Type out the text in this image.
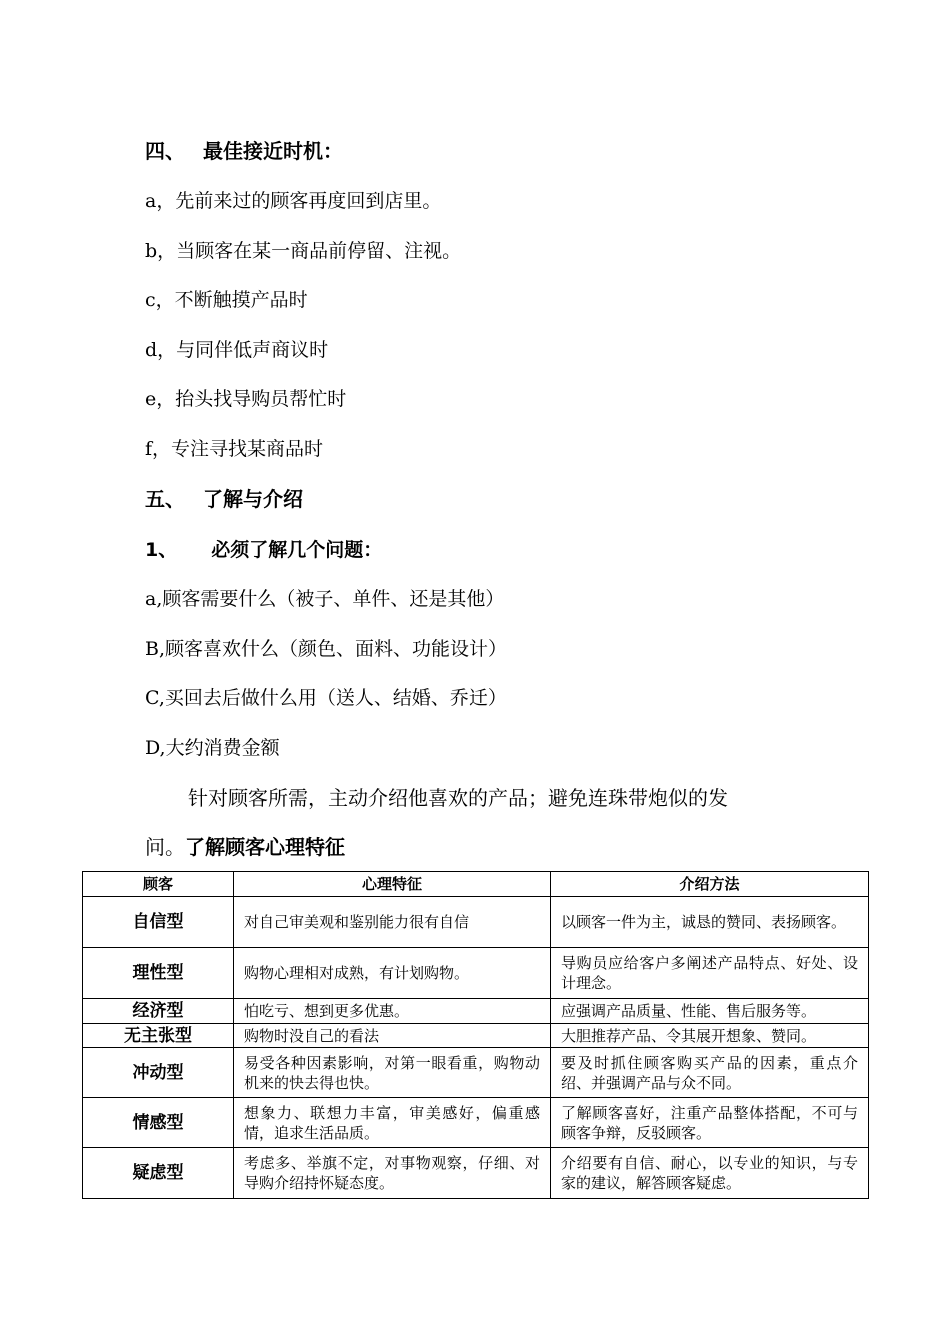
四、 最佳接近时机：
a，先前来过的顾客再度回到店里。
b，当顾客在某一商品前停留、注视。
c，不断触摸产品时
d，与同伴低声商议时
e，抬头找导购员帮忙时
f，专注寻找某商品时
五、 了解与介绍
1、 必须了解几个问题：
a,顾客需要什么（被子、单件、还是其他）
B,顾客喜欢什么（颜色、面料、功能设计）
C,买回去后做什么用（送人、结婚、乔迁）
D,大约消费金额
针对顾客所需，主动介绍他喜欢的产品；避免连珠带炮似的发
问。了解顾客心理特征
顾客	心理特征	介绍方法
自信型	对自己审美观和鉴别能力很有自信	以顾客一件为主，诚恳的赞同、表扬顾客。
理性型	购物心理相对成熟，有计划购物。	导购员应给客户多阐述产品特点、好处、设计理念。
经济型	怕吃亏、想到更多优惠。	应强调产品质量、性能、售后服务等。
无主张型	购物时没自己的看法	大胆推荐产品、令其展开想象、赞同。
冲动型	易受各种因素影响，对第一眼看重，购物动机来的快去得也快。	要及时抓住顾客购买产品的因素，重点介绍、并强调产品与众不同。
情感型	想象力、联想力丰富，审美感好，偏重感情，追求生活品质。	了解顾客喜好，注重产品整体搭配，不可与顾客争辩，反驳顾客。
疑虑型	考虑多、举旗不定，对事物观察，仔细、对导购介绍持怀疑态度。	介绍要有自信、耐心，以专业的知识，与专家的建议，解答顾客疑虑。
